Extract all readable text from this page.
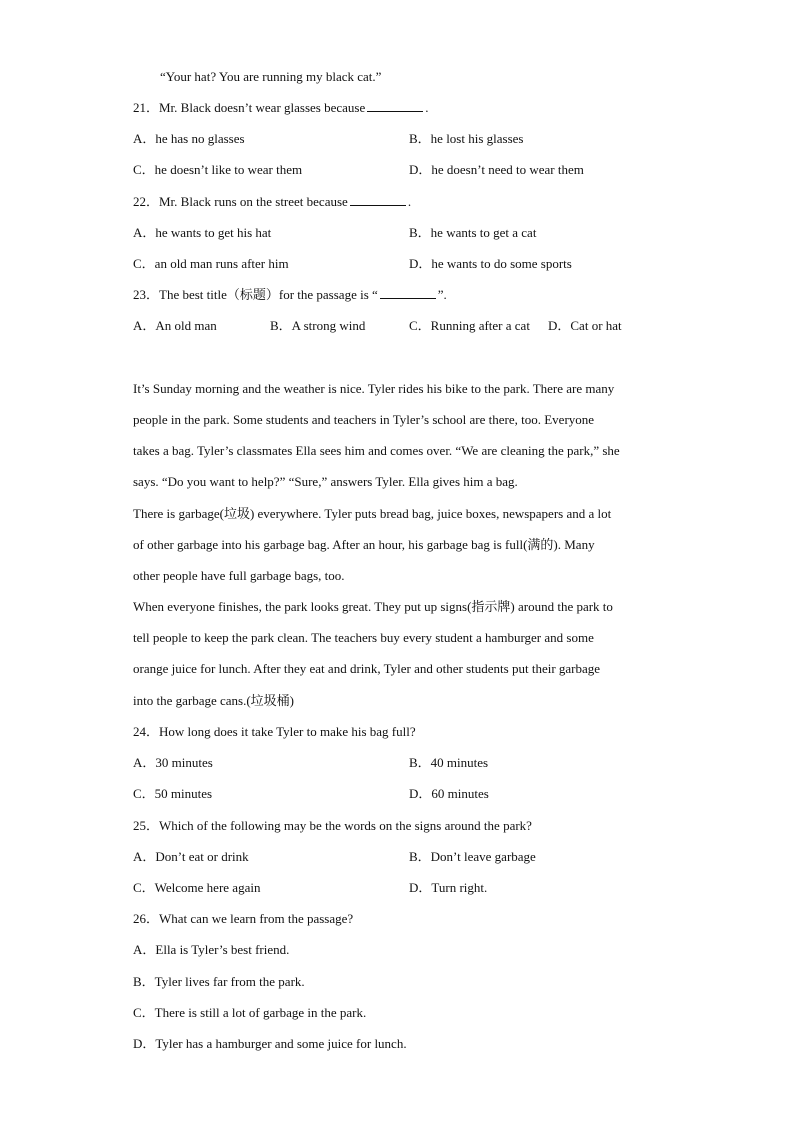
“Your hat? You are running my black cat.”
21．Mr. Black doesn’t wear glasses because	.
A．he has no glasses	B．he lost his glasses
C．he doesn’t like to wear them	D．he doesn’t need to wear them
22．Mr. Black runs on the street because	.
A．he wants to get his hat	B．he wants to get a cat
C．an old man runs after him	D．he wants to do some sports
23．The best title（标题）for the passage is “	”.
A．An old man	B．A strong wind	C．Running after a cat D．Cat or hat
It’s Sunday morning and the weather is nice. Tyler rides his bike to the park. There are many
people in the park. Some students and teachers in Tyler’s school are there, too. Everyone
takes a bag. Tyler’s classmates Ella sees him and comes over. “We are cleaning the park,” she
says. “Do you want to help?” “Sure,” answers Tyler. Ella gives him a bag.
There is garbage(垃圾) everywhere. Tyler puts bread bag, juice boxes, newspapers and a lot
of other garbage into his garbage bag. After an hour, his garbage bag is full(满的). Many
other people have full garbage bags, too.
When everyone finishes, the park looks great. They put up signs(指示牌) around the park to
tell people to keep the park clean. The teachers buy every student a hamburger and some
orange juice for lunch. After they eat and drink, Tyler and other students put their garbage
into the garbage cans.(垃圾桶)
24．How long does it take Tyler to make his bag full?
A．30 minutes	B．40 minutes
C．50 minutes	D．60 minutes
25．Which of the following may be the words on the signs around the park?
A．Don’t eat or drink	B．Don’t leave garbage
C．Welcome here again	D．Turn right.
26．What can we learn from the passage?
A．Ella is Tyler’s best friend.
B．Tyler lives far from the park.
C．There is still a lot of garbage in the park.
D．Tyler has a hamburger and some juice for lunch.
